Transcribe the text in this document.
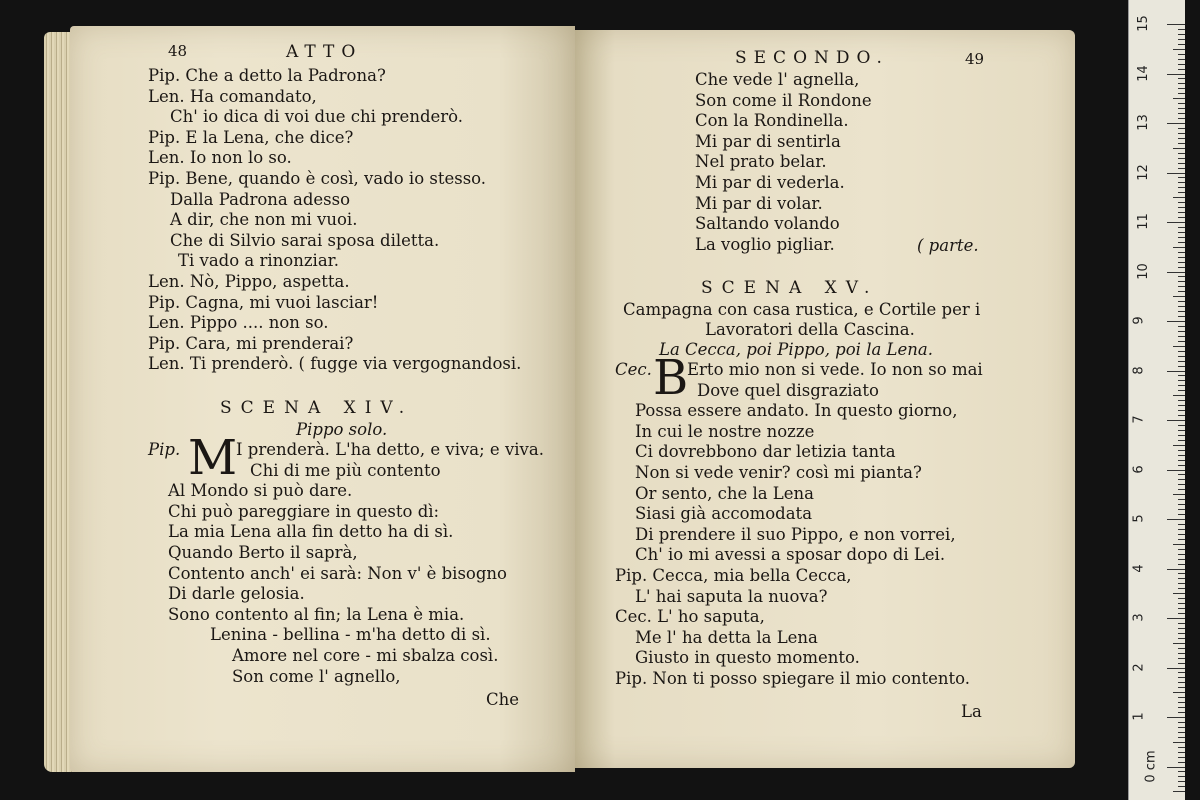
48	ATTO
Pip. Che a detto la Padrona?
Len. Ha comandato,
Ch' io dica di voi due chi prenderò.
Pip. E la Lena, che dice?
Len. Io non lo so.
Pip. Bene, quando è così, vado io stesso.
Dalla Padrona adesso
A dir, che non mi vuoi.
Che di Silvio sarai sposa diletta.
Ti vado a rinonziar.
Len. Nò, Pippo, aspetta.
Pip. Cagna, mi vuoi lasciar!
Len. Pippo .... non so.
Pip. Cara, mi prenderai?
Len. Ti prenderò. ( fugge via vergognandosi.
SCENA XIV.
Pippo solo.
Pip. M
I prenderà. L'ha detto, e viva; e viva.
Chi di me più contento
Al Mondo si può dare.
Chi può pareggiare in questo dì:
La mia Lena alla fin detto ha di sì.
Quando Berto il saprà,
Contento anch' ei sarà: Non v' è bisogno
Di darle gelosia.
Sono contento al fin; la Lena è mia.
Lenina - bellina - m'ha detto di sì.
Amore nel core - mi sbalza così.
Son come l' agnello,
Che
SECONDO.	49
Che vede l' agnella,
Son come il Rondone
Con la Rondinella.
Mi par di sentirla
Nel prato belar.
Mi par di vederla.
Mi par di volar.
Saltando volando
La voglio pigliar.	( parte.
SCENA XV.
Campagna con casa rustica, e Cortile per i
Lavoratori della Cascina.
La Cecca, poi Pippo, poi la Lena.
Cec. B
Erto mio non si vede. Io non so mai
Dove quel disgraziato
Possa essere andato. In questo giorno,
In cui le nostre nozze
Ci dovrebbono dar letizia tanta
Non si vede venir? così mi pianta?
Or sento, che la Lena
Siasi già accomodata
Di prendere il suo Pippo, e non vorrei,
Ch' io mi avessi a sposar dopo di Lei.
Pip. Cecca, mia bella Cecca,
L' hai saputa la nuova?
Cec. L' ho saputa,
Me l' ha detta la Lena
Giusto in questo momento.
Pip. Non ti posso spiegare il mio contento.
La
15
14
13
12
11
10
9
8
7
6
5
4
3
2
1
0 cm
